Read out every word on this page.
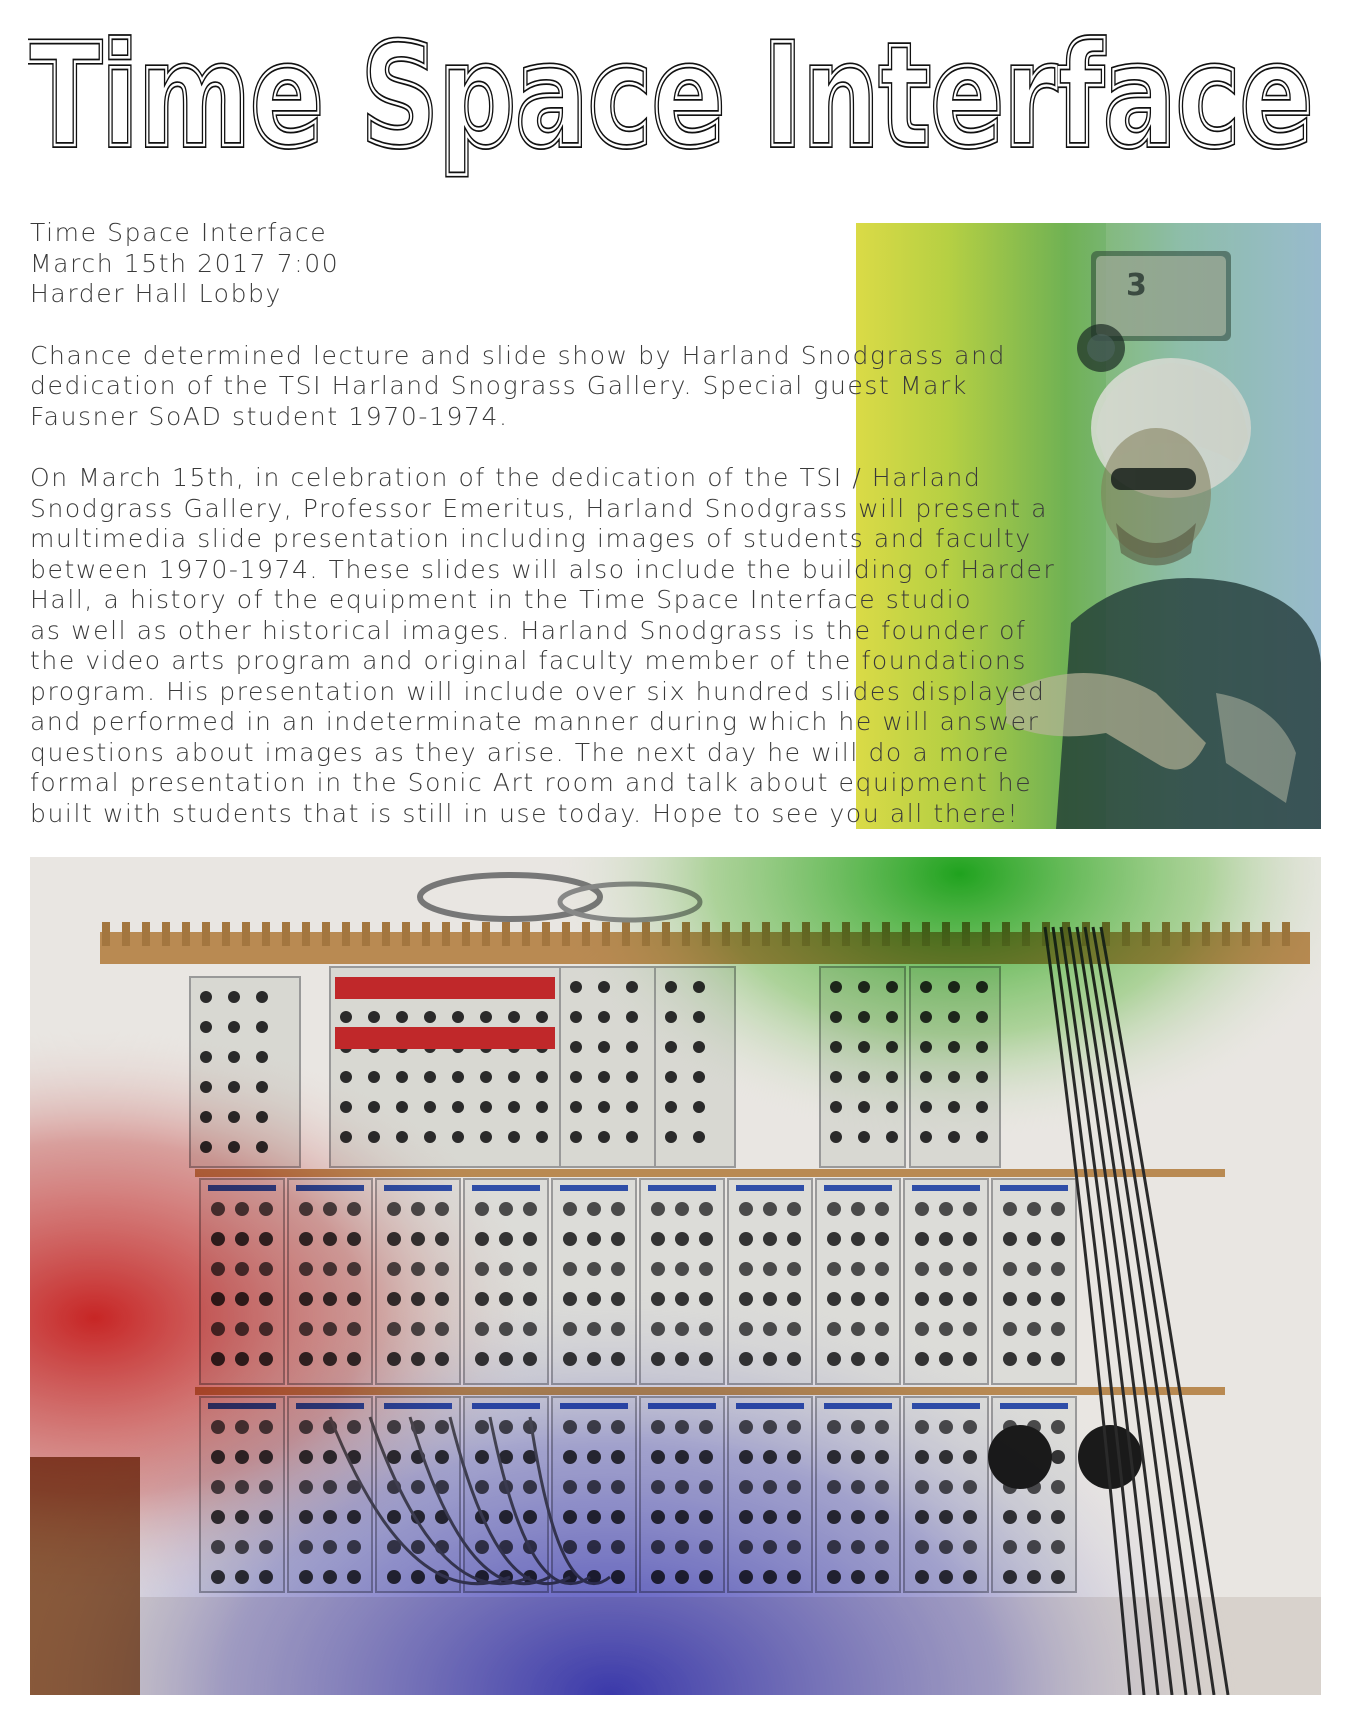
Time Space Interface
Time Space Interface
3

Time Space Interface

March 15th 2017 7:00

Harder Hall Lobby

Chance determined lecture and slide show by Harland Snodgrass and
dedication of the TSI Harland Snograss Gallery. Special guest Mark
Fausner SoAD student 1970-1974.
On March 15th, in celebration of the dedication of the TSI / Harland
Snodgrass Gallery, Professor Emeritus, Harland Snodgrass will present a
multimedia slide presentation including images of students and faculty
between 1970-1974. These slides will also include the building of Harder
Hall, a history of the equipment in the Time Space Interface studio
as well as other historical images. Harland Snodgrass is the founder of
the video arts program and original faculty member of the foundations
program. His presentation will include over six hundred slides displayed
and performed in an indeterminate manner during which he will answer
questions about images as they arise. The next day he will do a more
formal presentation in the Sonic Art room and talk about equipment he
built with students that is still in use today. Hope to see you all there!
